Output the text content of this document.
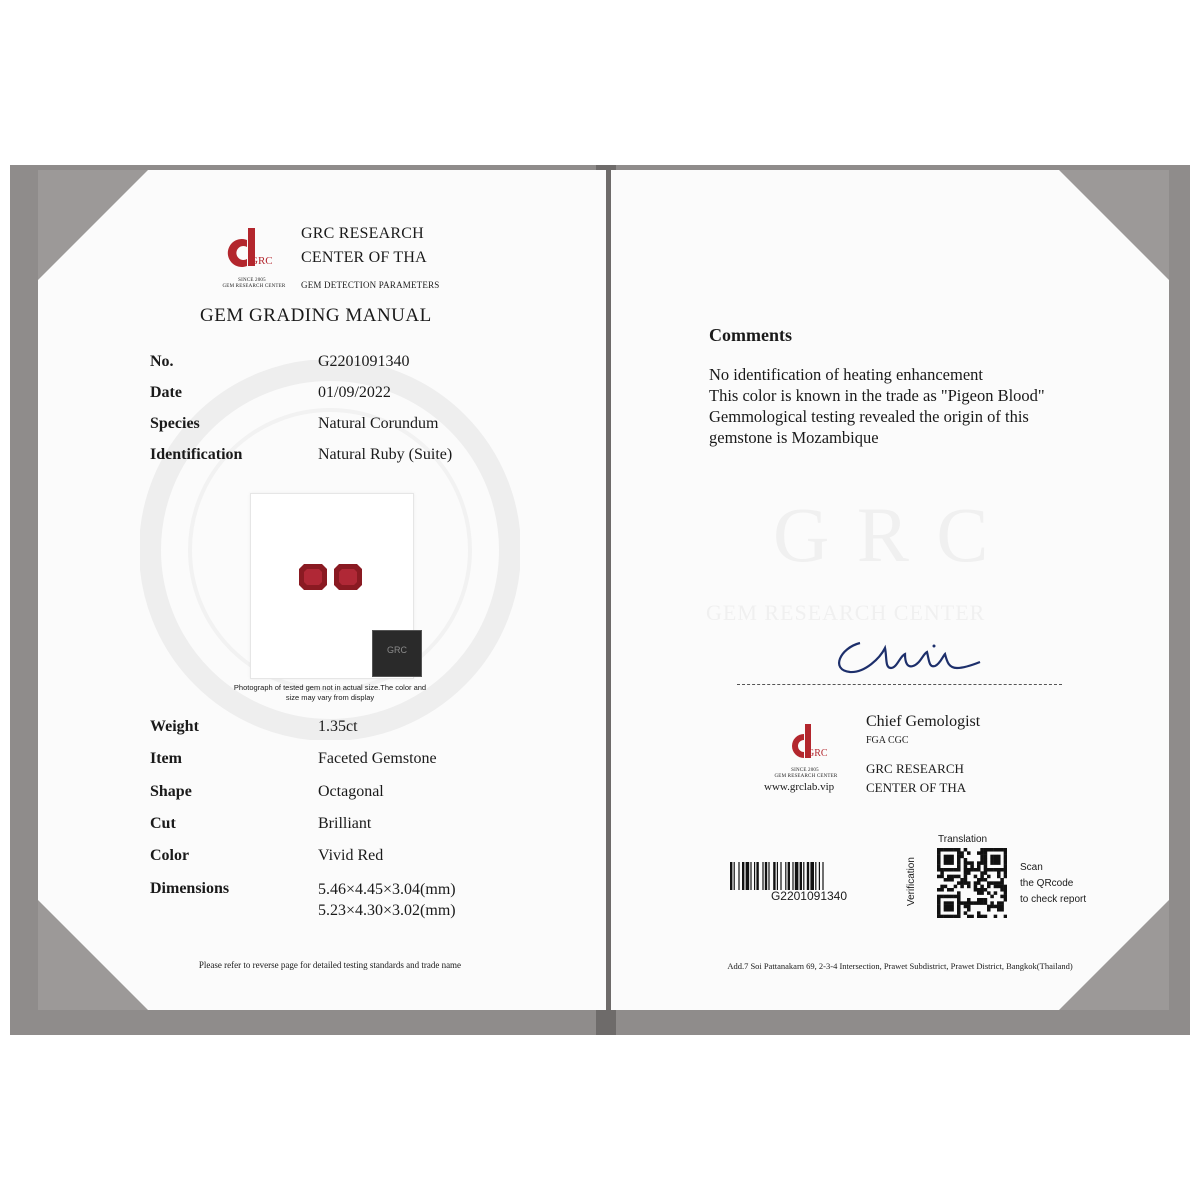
GRC
SINCE 2005
GEM RESEARCH CENTER
GRC RESEARCH
CENTER OF THA
GEM DETECTION PARAMETERS
GEM GRADING MANUAL
No.	G2201091340
Date	01/09/2022
Species	Natural Corundum
Identification	Natural Ruby (Suite)
GRC
Photograph of tested gem not in actual size.The color and
size may vary from display
Weight	1.35ct
Item	Faceted Gemstone
Shape	Octagonal
Cut	Brilliant
Color	Vivid Red
Dimensions	5.46×4.45×3.04(mm)
5.23×4.30×3.02(mm)
Please refer to reverse page for detailed testing standards and trade name
G R C
GEM RESEARCH CENTER
Comments
No identification of heating enhancement
This color is known in the trade as "Pigeon Blood"
Gemmological testing revealed the origin of this
gemstone is Mozambique
GRC
SINCE 2005
GEM RESEARCH CENTER
www.grclab.vip
Chief Gemologist
FGA CGC
GRC RESEARCH
CENTER OF THA
G2201091340
Translation
Verification	Scan
the QRcode
to check report
Add.7 Soi Pattanakarn 69, 2-3-4 Intersection, Prawet Subdistrict, Prawet District, Bangkok(Thailand)
